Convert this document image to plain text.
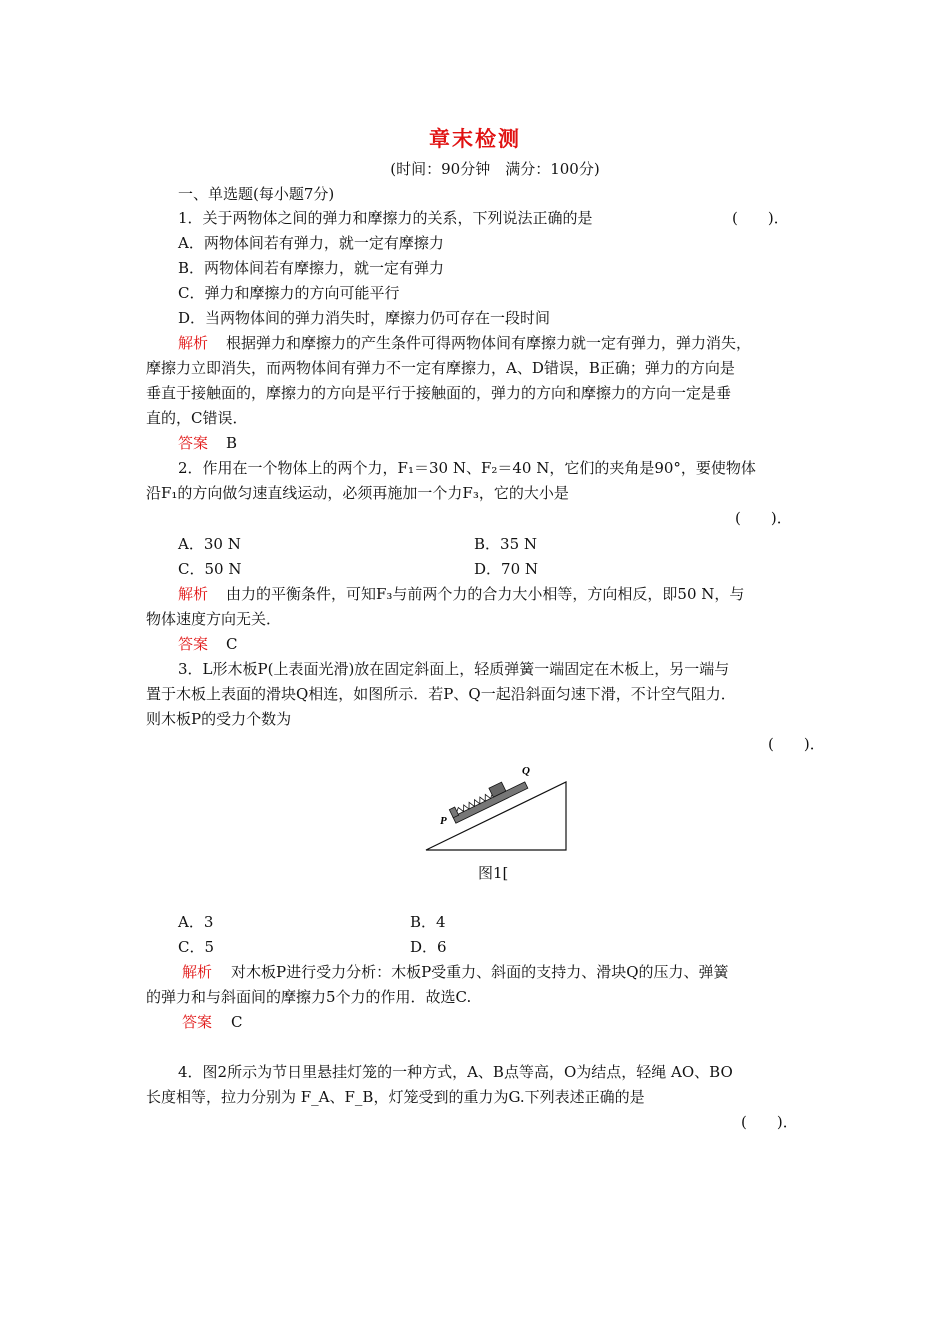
章末检测
(时间：90分钟　满分：100分)
一、单选题(每小题7分)
1．关于两物体之间的弹力和摩擦力的关系，下列说法正确的是	(　　)．
A．两物体间若有弹力，就一定有摩擦力
B．两物体间若有摩擦力，就一定有弹力
C．弹力和摩擦力的方向可能平行
D．当两物体间的弹力消失时，摩擦力仍可存在一段时间
解析 根据弹力和摩擦力的产生条件可得两物体间有摩擦力就一定有弹力，弹力消失，
摩擦力立即消失，而两物体间有弹力不一定有摩擦力，A、D错误，B正确；弹力的方向是
垂直于接触面的，摩擦力的方向是平行于接触面的，弹力的方向和摩擦力的方向一定是垂
直的，C错误．
答案 B
2．作用在一个物体上的两个力，F₁＝30 N、F₂＝40 N，它们的夹角是90°，要使物体
沿F₁的方向做匀速直线运动，必须再施加一个力F₃，它的大小是
(　　)．
A．30 N	B．35 N
C．50 N	D．70 N
解析 由力的平衡条件，可知F₃与前两个力的合力大小相等，方向相反，即50 N，与
物体速度方向无关．
答案 C
3．L形木板P(上表面光滑)放在固定斜面上，轻质弹簧一端固定在木板上，另一端与
置于木板上表面的滑块Q相连，如图所示．若P、Q一起沿斜面匀速下滑，不计空气阻力．
则木板P的受力个数为
(　　)．
P
Q
图1[
A．3	B．4
C．5	D．6
解析 对木板P进行受力分析：木板P受重力、斜面的支持力、滑块Q的压力、弹簧
的弹力和与斜面间的摩擦力5个力的作用．故选C.
答案 C
4．图2所示为节日里悬挂灯笼的一种方式，A、B点等高，O为结点，轻绳 AO、BO
长度相等，拉力分别为 F_A、F_B，灯笼受到的重力为G.下列表述正确的是
(　　)．
